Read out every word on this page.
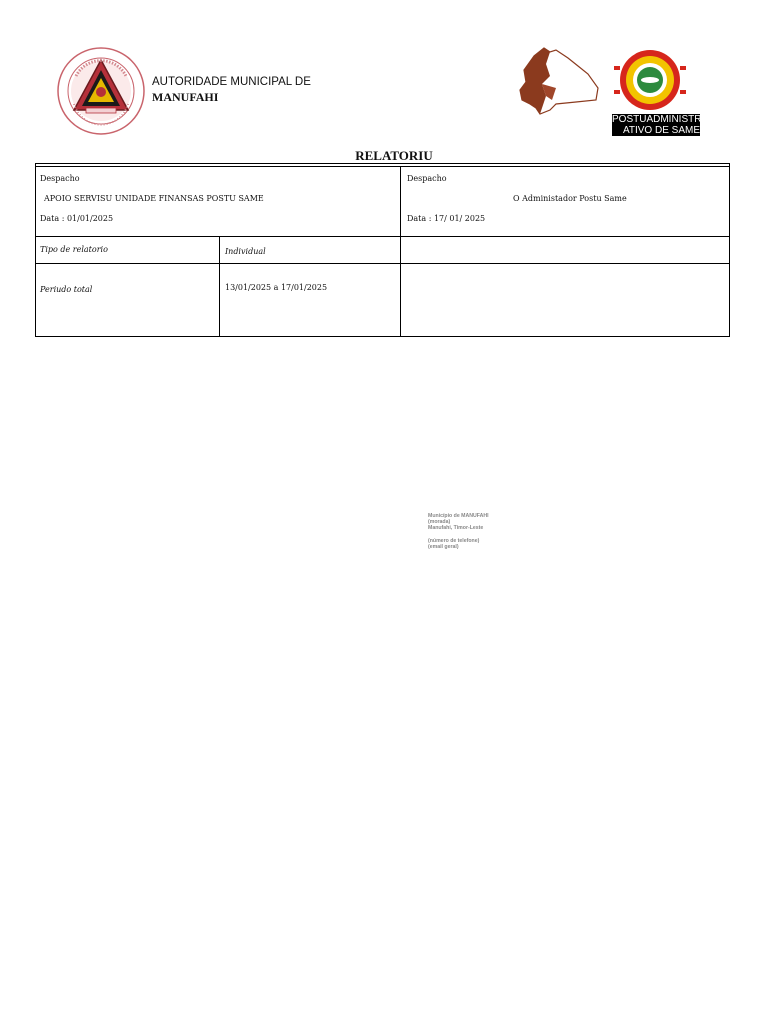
AUTORIDADE MUNICIPAL DE
MANUFAHI
POSTUADMINISTR
ATIVO DE SAME
RELATORIU
Despacho
APOIO SERVISU UNIDADE FINANSAS POSTU SAME
Data : 01/01/2025
Despacho
O Administador Postu Same
Data : 17/ 01/ 2025
Tipo de relatorio	Individual
Periudo total	13/01/2025 a 17/01/2025
Município de MANUFAHI
(morada)
Manufahi, Timor-Leste
(número de telefone)
(email geral)
